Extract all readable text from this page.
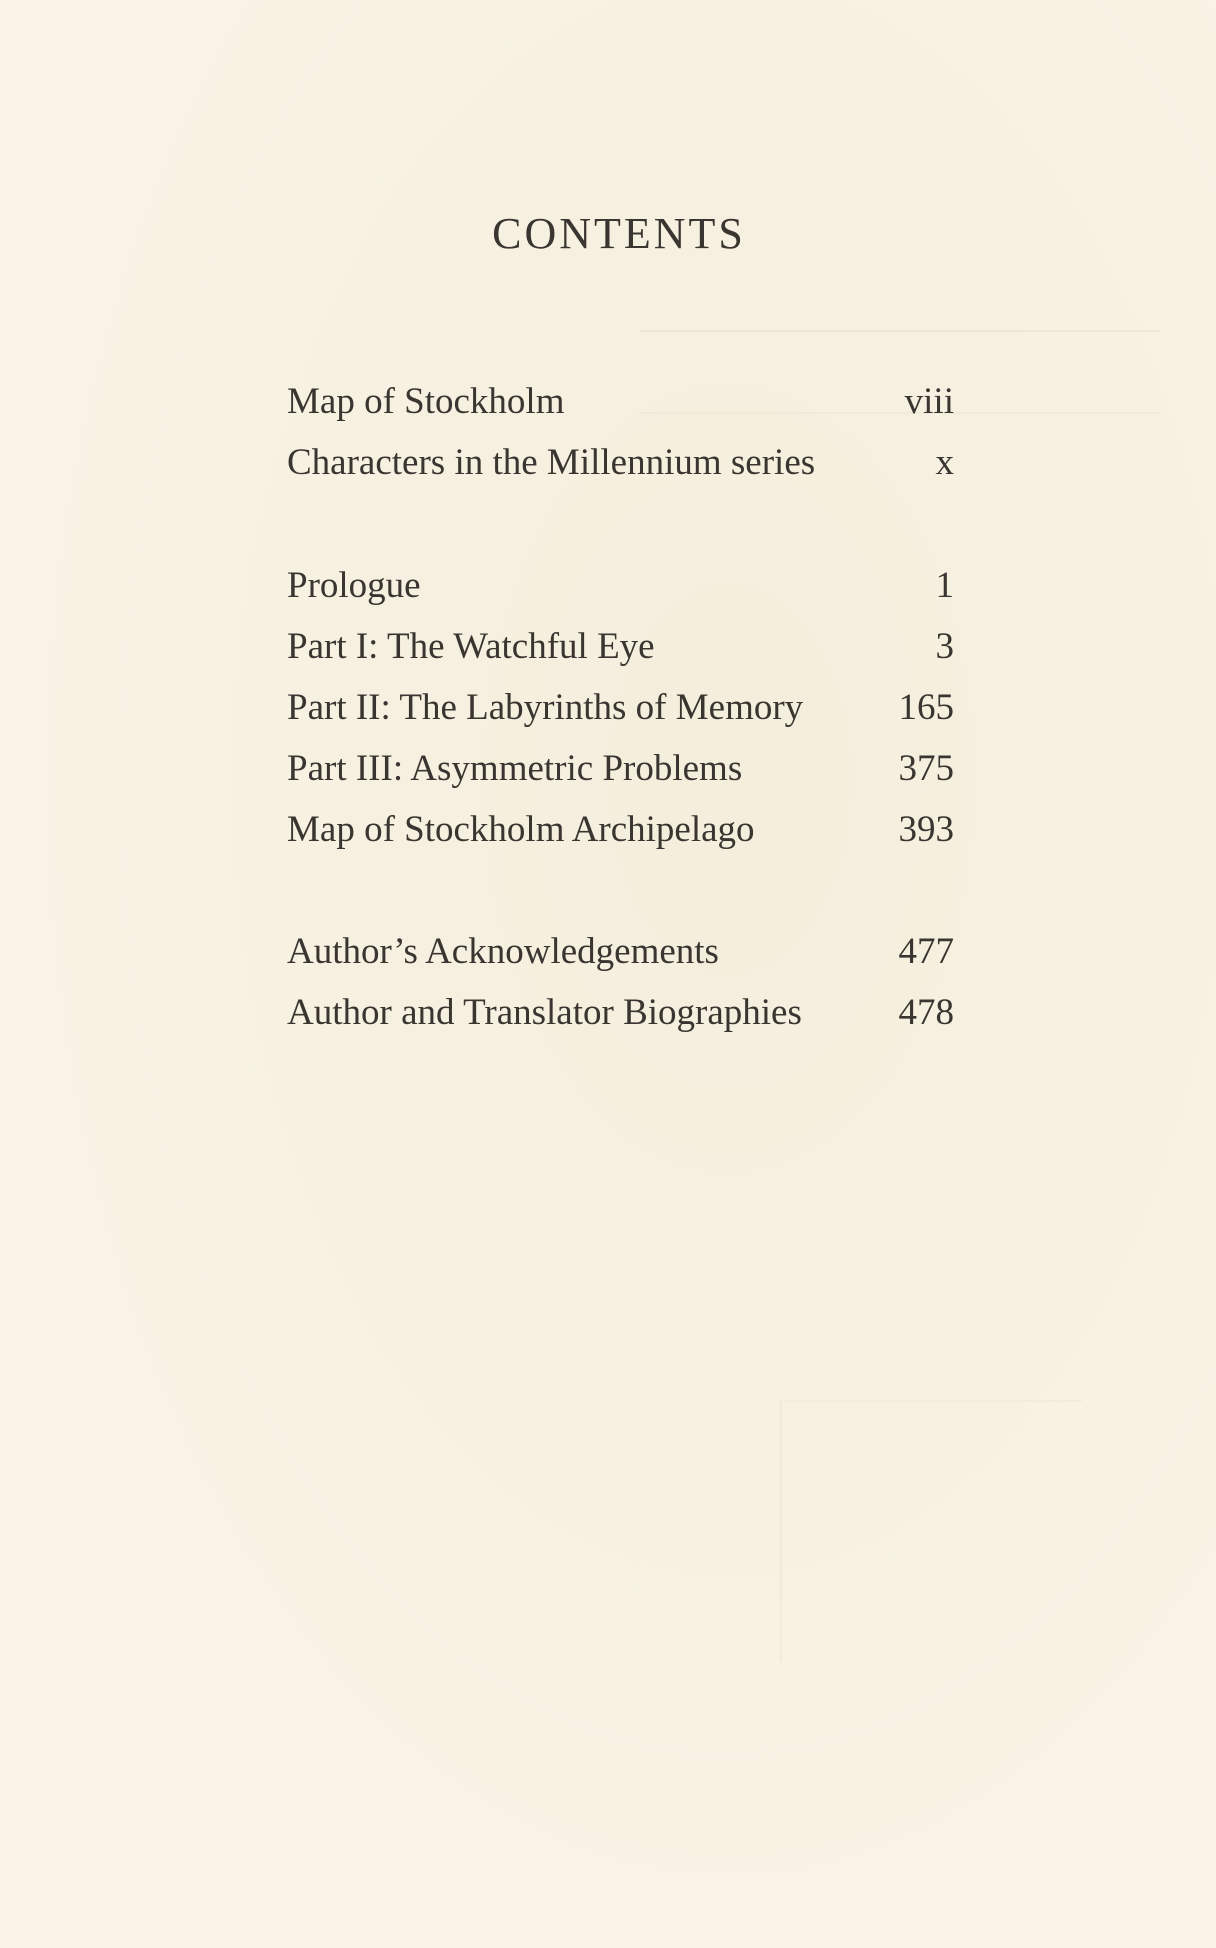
CONTENTS
Map of Stockholm	viii
Characters in the Millennium series	x
Prologue	1
Part I: The Watchful Eye	3
Part II: The Labyrinths of Memory	165
Part III: Asymmetric Problems	375
Map of Stockholm Archipelago	393
Author’s Acknowledgements	477
Author and Translator Biographies	478
